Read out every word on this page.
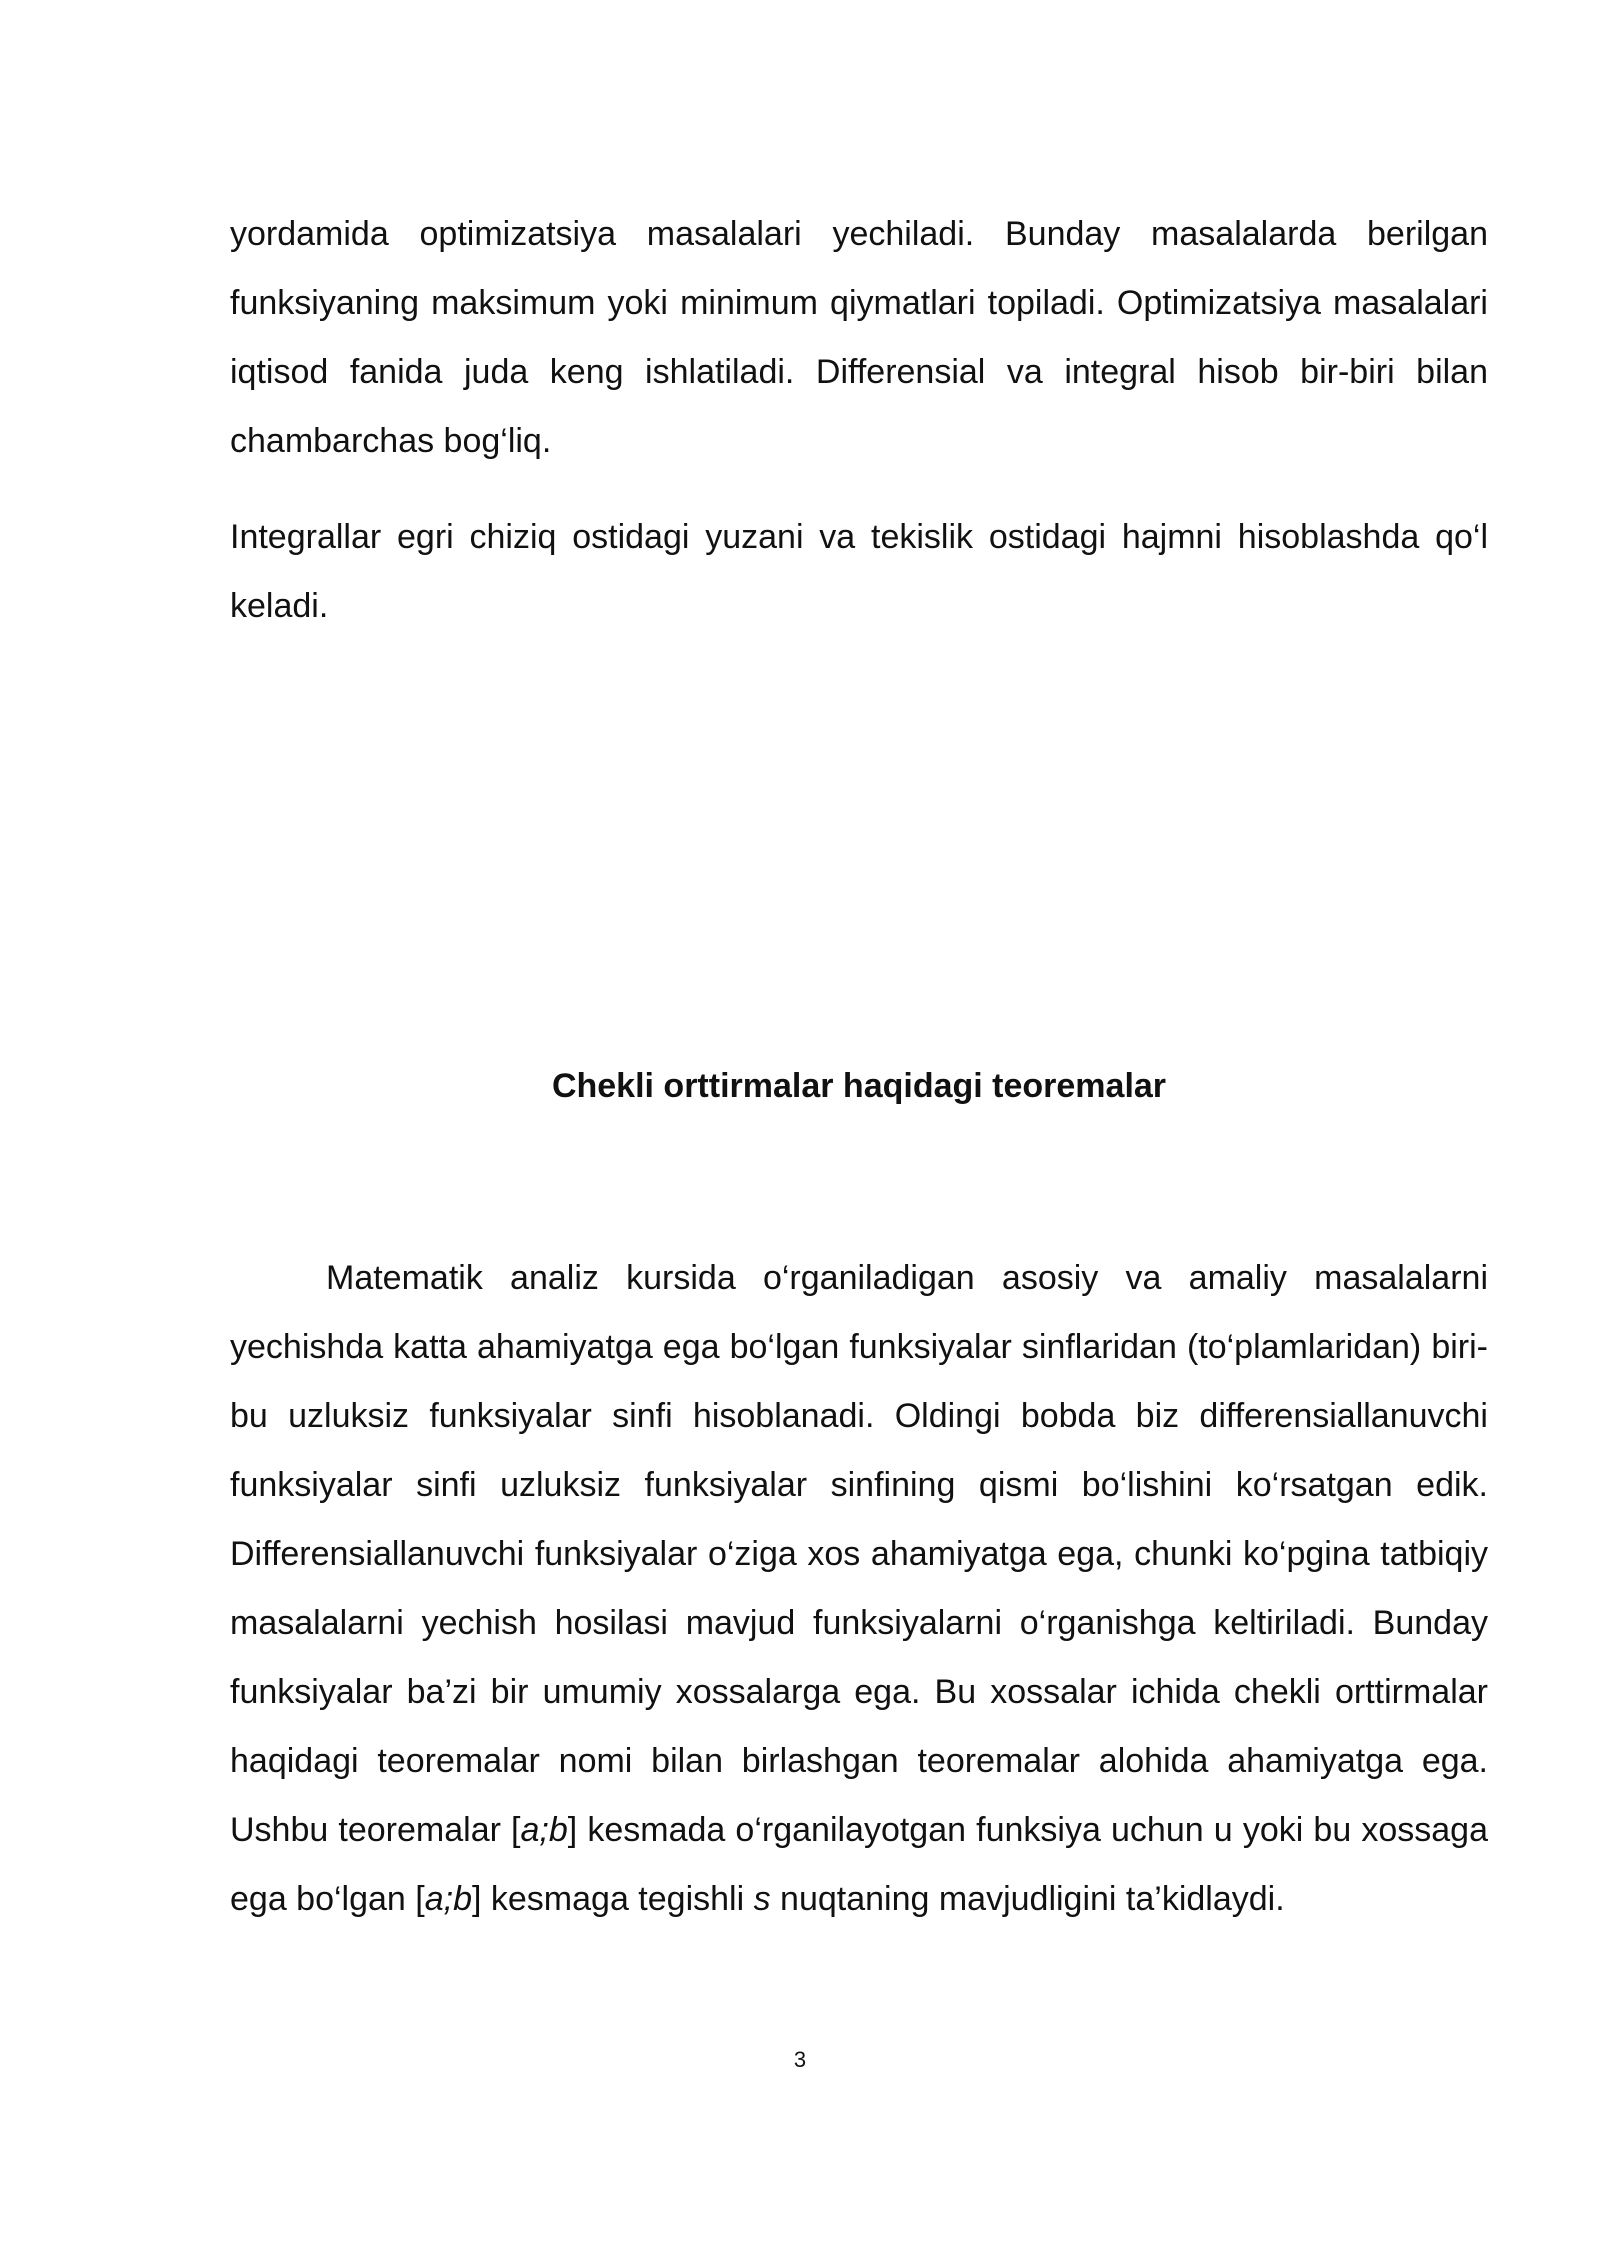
yordamida optimizatsiya masalalari yechiladi. Bunday masalalarda berilgan funksiyaning maksimum yoki minimum qiymatlari topiladi. Optimizatsiya masalalari iqtisod fanida juda keng ishlatiladi. Differensial va integral hisob bir-biri bilan chambarchas bog‘liq.

Integrallar egri chiziq ostidagi yuzani va tekislik ostidagi hajmni hisoblashda qo‘l keladi.

Chekli orttirmalar haqidagi teoremalar

Matematik analiz kursida o‘rganiladigan asosiy va amaliy masalalarni yechishda katta ahamiyatga ega bo‘lgan funksiyalar sinflaridan (to‘plamlaridan) biri-bu uzluksiz funksiyalar sinfi hisoblanadi. Oldingi bobda biz differensiallanuvchi funksiyalar sinfi uzluksiz funksiyalar sinfining qismi bo‘lishini ko‘rsatgan edik. Differensiallanuvchi funksiyalar o‘ziga xos ahamiyatga ega, chunki ko‘pgina tatbiqiy masalalarni yechish hosilasi mavjud funksiyalarni o‘rganishga keltiriladi. Bunday funksiyalar ba’zi bir umumiy xossalarga ega. Bu xossalar ichida chekli orttirmalar haqidagi teoremalar nomi bilan birlashgan teoremalar alohida ahamiyatga ega. Ushbu teoremalar [a;b] kesmada o‘rganilayotgan funksiya uchun u yoki bu xossaga ega bo‘lgan [a;b] kesmaga tegishli s nuqtaning mavjudligini ta’kidlaydi.

3
